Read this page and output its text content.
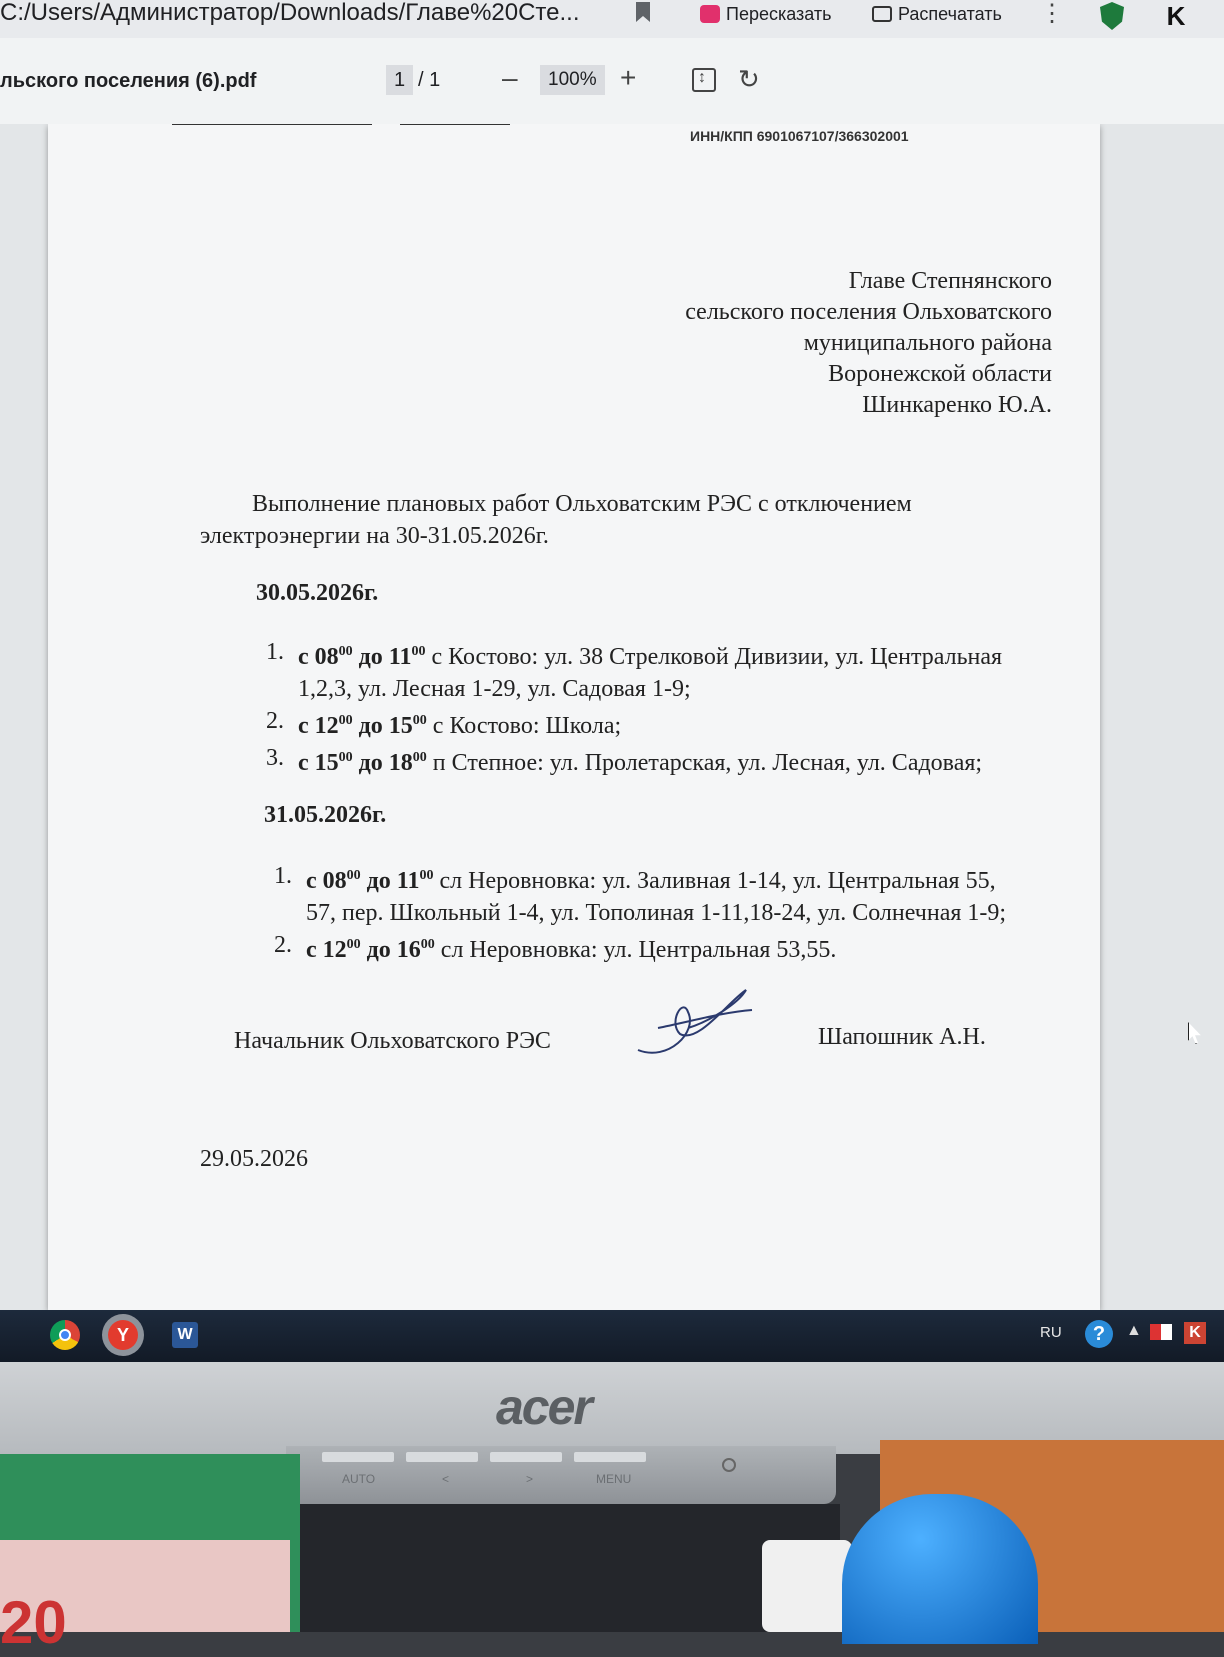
C:/Users/Администратор/Downloads/Главе%20Сте...	Пересказать	Распечатать ⋮	K
льского поселения (6).pdf	1 / 1 –	100% +
↕	↻
ИНН/КПП 6901067107/366302001
Главе Степнянского
сельского поселения Ольховатского
муниципального района
Воронежской области
Шинкаренко Ю.А.
Выполнение плановых работ Ольховатским РЭС с отключением электроэнергии на 30-31.05.2026г.
30.05.2026г.
1. с $08^{00}$ до $11^{00}$ с Костово: ул. 38 Стрелковой Дивизии, ул. Центральная 1,2,3, ул. Лесная 1-29, ул. Садовая 1-9;
2. с $12^{00}$ до $15^{00}$ с Костово: Школа;
3. с $15^{00}$ до $18^{00}$ п Степное: ул. Пролетарская, ул. Лесная, ул. Садовая;
31.05.2026г.
1. с $08^{00}$ до $11^{00}$ сл Неровновка: ул. Заливная 1-14, ул. Центральная 55, 57, пер. Школьный 1-4, ул. Тополиная 1-11,18-24, ул. Солнечная 1-9;
2. с $12^{00}$ до $16^{00}$ сл Неровновка: ул. Центральная 53,55.
Начальник Ольховатского РЭС	Шапошник А.Н.
29.05.2026
Y	W	RU	?	▲	K
acer
AUTO	<	>	MENU
20
